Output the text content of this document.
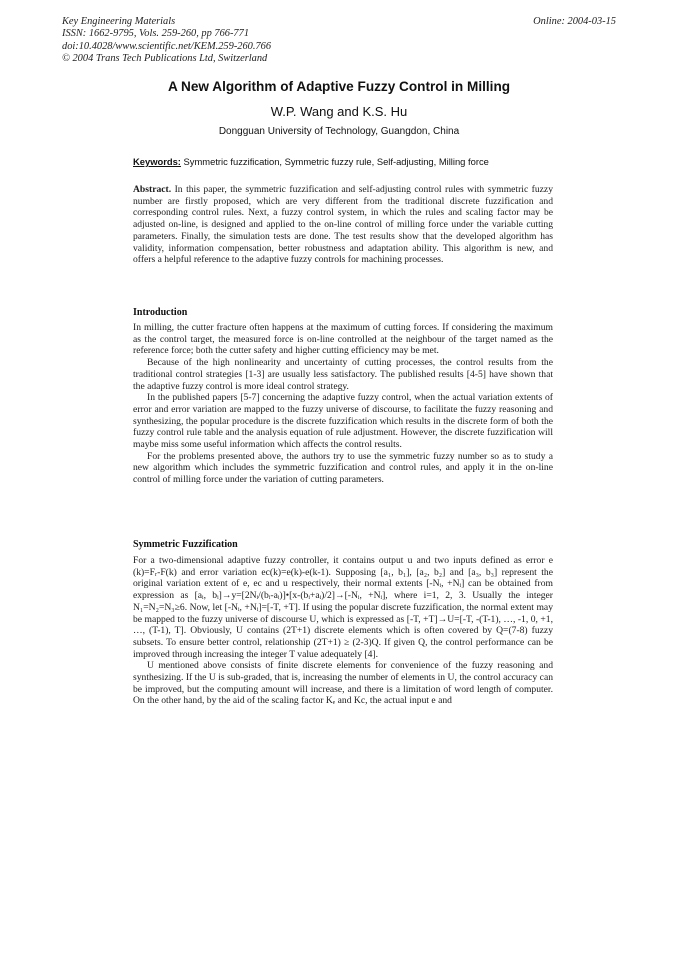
Key Engineering Materials
ISSN: 1662-9795, Vols. 259-260, pp 766-771
doi:10.4028/www.scientific.net/KEM.259-260.766
© 2004 Trans Tech Publications Ltd, Switzerland
Online: 2004-03-15
A New Algorithm of Adaptive Fuzzy Control in Milling
W.P. Wang and K.S. Hu
Dongguan University of Technology, Guangdon, China
Keywords: Symmetric fuzzification, Symmetric fuzzy rule, Self-adjusting, Milling force

Abstract. In this paper, the symmetric fuzzification and self-adjusting control rules with symmetric fuzzy number are firstly proposed, which are very different from the traditional discrete fuzzification and corresponding control rules. Next, a fuzzy control system, in which the rules and scaling factor may be adjusted on-line, is designed and applied to the on-line control of milling force under the variable cutting parameters. Finally, the simulation tests are done. The test results show that the developed algorithm has validity, information compensation, better robustness and adaptation ability. This algorithm is new, and offers a helpful reference to the adaptive fuzzy controls for machining processes.

Introduction

In milling, the cutter fracture often happens at the maximum of cutting forces. If considering the maximum as the control target, the measured force is on-line controlled at the neighbour of the target named as the reference force; both the cutter safety and higher cutting efficiency may be met.

Because of the high nonlinearity and uncertainty of cutting processes, the control results from the traditional control strategies [1-3] are usually less satisfactory. The published results [4-5] have shown that the adaptive fuzzy control is more ideal control strategy.

In the published papers [5-7] concerning the adaptive fuzzy control, when the actual variation extents of error and error variation are mapped to the fuzzy universe of discourse, to facilitate the fuzzy reasoning and synthesizing, the popular procedure is the discrete fuzzification which results in the discrete form of both the fuzzy control rule table and the analysis equation of rule adjustment. However, the discrete fuzzification will maybe miss some useful information which affects the control results.

For the problems presented above, the authors try to use the symmetric fuzzy number so as to study a new algorithm which includes the symmetric fuzzification and control rules, and apply it in the on-line control of milling force under the variation of cutting parameters.

Symmetric Fuzzification

For a two-dimensional adaptive fuzzy controller, it contains output u and two inputs defined as error e (k)=Fᵣ-F(k) and error variation ec(k)=e(k)-e(k-1). Supposing [a₁, b₁], [a₂, b₂] and [a₃, b₃] represent the original variation extent of e, ec and u respectively, their normal extents [-Nᵢ, +Nᵢ] can be obtained from expression as [aᵢ, bᵢ]→y=[2Nᵢ/(bᵢ-aᵢ)]•[x-(bᵢ+aᵢ)/2]→[-Nᵢ, +Nᵢ], where i=1, 2, 3. Usually the integer N₁=N₂=N₃≥6. Now, let [-Nᵢ, +Nᵢ]=[-T, +T]. If using the popular discrete fuzzification, the normal extent may be mapped to the fuzzy universe of discourse U, which is expressed as [-T, +T]→U=[-T, -(T-1), …, -1, 0, +1, …, (T-1), T]. Obviously, U contains (2T+1) discrete elements which is often covered by Q=(7-8) fuzzy subsets. To ensure better control, relationship (2T+1) ≥ (2-3)Q. If given Q, the control performance can be improved through increasing the integer T value adequately [4].

U mentioned above consists of finite discrete elements for convenience of the fuzzy reasoning and synthesizing. If the U is sub-graded, that is, increasing the number of elements in U, the control accuracy can be improved, but the computing amount will increase, and there is a limitation of word length of computer. On the other hand, by the aid of the scaling factor Kₑ and Kc, the actual input e and
